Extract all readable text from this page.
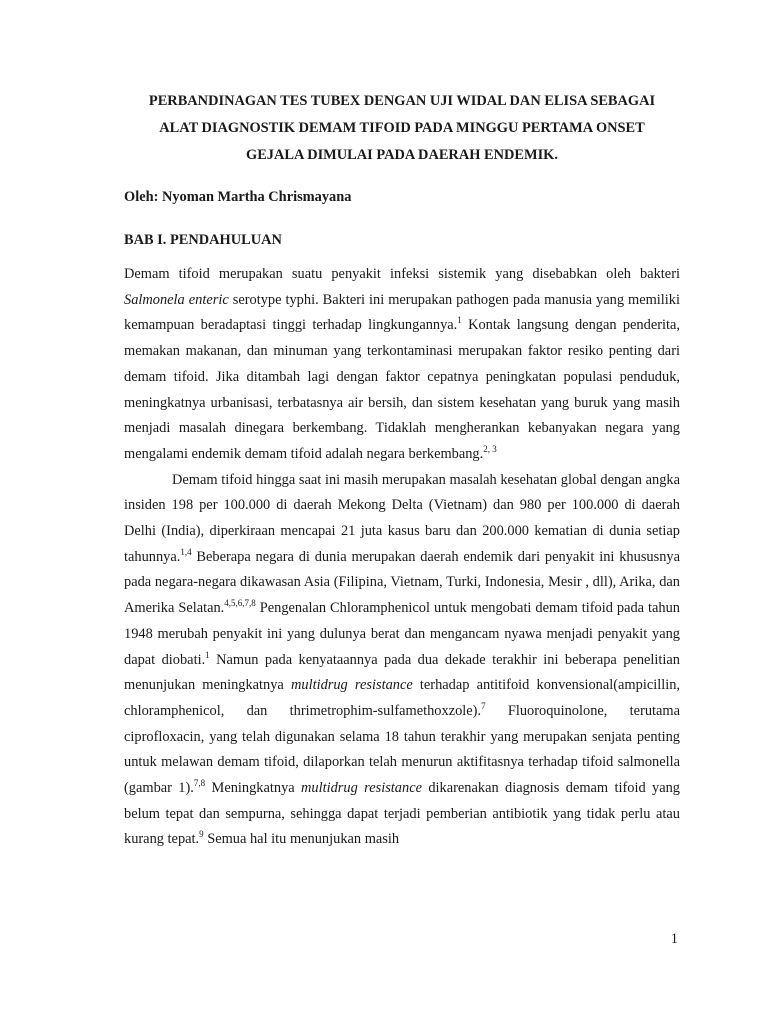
PERBANDINAGAN TES TUBEX DENGAN UJI WIDAL DAN ELISA SEBAGAI
ALAT DIAGNOSTIK DEMAM TIFOID PADA MINGGU PERTAMA ONSET
GEJALA DIMULAI PADA DAERAH ENDEMIK.

Oleh: Nyoman Martha Chrismayana

BAB I. PENDAHULUAN

Demam tifoid merupakan suatu penyakit infeksi sistemik yang disebabkan oleh bakteri Salmonela enteric serotype typhi. Bakteri ini merupakan pathogen pada manusia yang memiliki kemampuan beradaptasi tinggi terhadap lingkungannya.$^1$ Kontak langsung dengan penderita, memakan makanan, dan minuman yang terkontaminasi merupakan faktor resiko penting dari demam tifoid. Jika ditambah lagi dengan faktor cepatnya peningkatan populasi penduduk, meningkatnya urbanisasi, terbatasnya air bersih, dan sistem kesehatan yang buruk yang masih menjadi masalah dinegara berkembang. Tidaklah mengherankan kebanyakan negara yang mengalami endemik demam tifoid adalah negara berkembang.$^{2, 3}$

Demam tifoid hingga saat ini masih merupakan masalah kesehatan global dengan angka insiden 198 per 100.000 di daerah Mekong Delta (Vietnam) dan 980 per 100.000 di daerah Delhi (India), diperkiraan mencapai 21 juta kasus baru dan 200.000 kematian di dunia setiap tahunnya.$^{1,4}$ Beberapa negara di dunia merupakan daerah endemik dari penyakit ini khususnya pada negara-negara dikawasan Asia (Filipina, Vietnam, Turki, Indonesia, Mesir , dll), Arika, dan Amerika Selatan.$^{4,5,6,7,8}$ Pengenalan Chloramphenicol untuk mengobati demam tifoid pada tahun 1948 merubah penyakit ini yang dulunya berat dan mengancam nyawa menjadi penyakit yang dapat diobati.$^1$ Namun pada kenyataannya pada dua dekade terakhir ini beberapa penelitian menunjukan meningkatnya multidrug resistance terhadap antitifoid konvensional(ampicillin, chloramphenicol, dan thrimetrophim-sulfamethoxzole).$^7$ Fluoroquinolone, terutama ciprofloxacin, yang telah digunakan selama 18 tahun terakhir yang merupakan senjata penting untuk melawan demam tifoid, dilaporkan telah menurun aktifitasnya terhadap tifoid salmonella (gambar 1).$^{7,8}$ Meningkatnya multidrug resistance dikarenakan diagnosis demam tifoid yang belum tepat dan sempurna, sehingga dapat terjadi pemberian antibiotik yang tidak perlu atau kurang tepat.$^9$ Semua hal itu menunjukan masih

1
